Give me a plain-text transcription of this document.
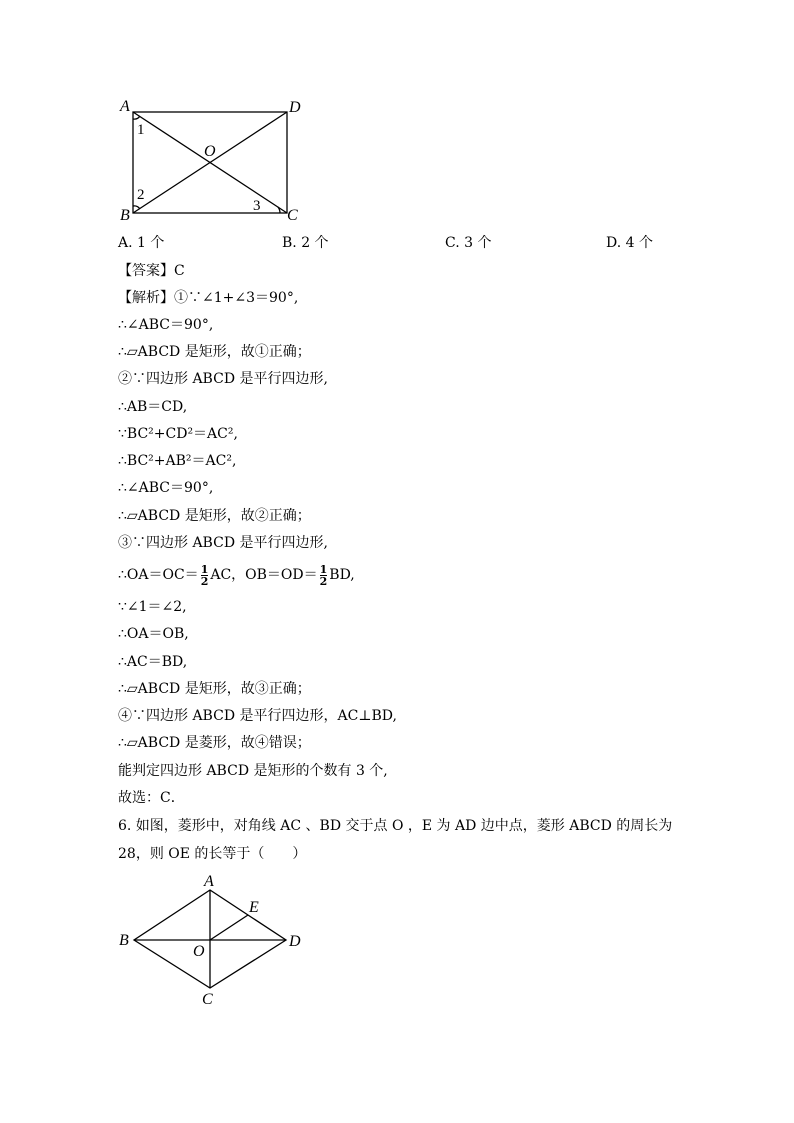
A	D
B	C
O
1
2
3
A. 1 个	B. 2 个	C. 3 个	D. 4 个
【答案】C
【解析】①∵∠1+∠3＝90°,
∴∠ABC＝90°,
∴▱ABCD 是矩形，故①正确；
②∵四边形 ABCD 是平行四边形,
∴AB＝CD,
∵BC²+CD²＝AC²,
∴BC²+AB²＝AC²,
∴∠ABC＝90°,
∴▱ABCD 是矩形，故②正确；
③∵四边形 ABCD 是平行四边形,
∴OA＝OC＝ $\frac{1}{2}$ AC，$OB=OD= \frac{1}{2}$ BD,
∵∠1＝∠2,
∴OA＝OB,
∴AC＝BD,
∴▱ABCD 是矩形，故③正确；
④∵四边形 ABCD 是平行四边形，AC⊥BD,
∴▱ABCD 是菱形，故④错误；
能判定四边形 ABCD 是矩形的个数有 3 个,
故选：C．
6. 如图，菱形中，对角线 AC 、BD 交于点 O ，E 为 AD 边中点，菱形 ABCD 的周长为
28，则 OE 的长等于（　　）
A
B
C
D
E
O
